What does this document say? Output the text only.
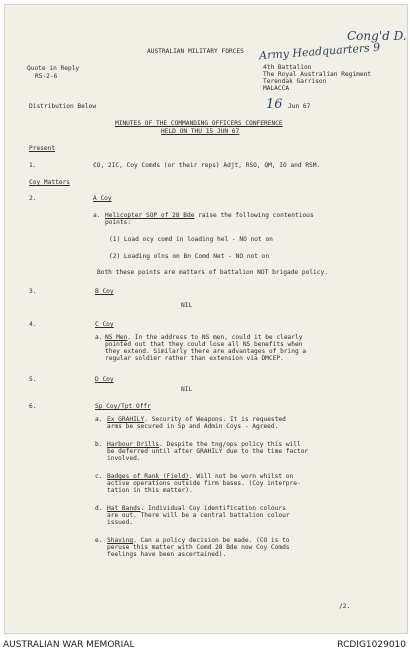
AUSTRALIAN MILITARY FORCES
Cong'd D.
Army Headquarters 9
Quote in Reply
R5-2-6
4th Battalion
The Royal Australian Regiment
Terendak Garrison
MALACCA
Distribution Below	16 Jun 67
MINUTES OF THE COMMANDING OFFICERS CONFERENCE
HELD ON THU 15 JUN 67
Present
1.	CO, 2IC, Coy Comds (or their reps) Adjt, RSO, QM, IO and RSM.
Coy Matters
2.	A Coy
a. Helicopter SOP of 28 Bde raise the following contentious
points:
(1) Load ocy comd in loading hel - NO not on
(2) Loading olns on Bn Comd Net - NO not on
Both these points are matters of battalion NOT brigade policy.
3.	B Coy
NIL
4.	C Coy
a. NS Men. In the address to NS men, could it be clearly
pointed out that they could lose all NS benefits when
they extend. Similarly there are advantages of bring a
regular soldier rather than extension via DMCEP.
5.	D Coy
NIL
6.	Sp Coy/Tpt Offr
a. Ex GRAHILY. Security of Weapons. It is requested
arms be secured in Sp and Admin Coys - Agreed.
b. Harbour Drills. Despite the tng/ops policy this will
be deferred until after GRAHILY due to the time factor
involved.
c. Badges of Rank (Field). Will not be worn whilst on
active operations outside firm bases. (Coy interpre-
tation in this matter).
d. Hat Bands. Individual Coy identification colours
are out. There will be a central battalion colour
issued.
e. Shaving. Can a policy decision be made. (CO is to
peruse this matter with Comd 28 Bde now Coy Comds
feelings have been ascertained).
/2.
AUSTRALIAN WAR MEMORIAL	RCDIG1029010
